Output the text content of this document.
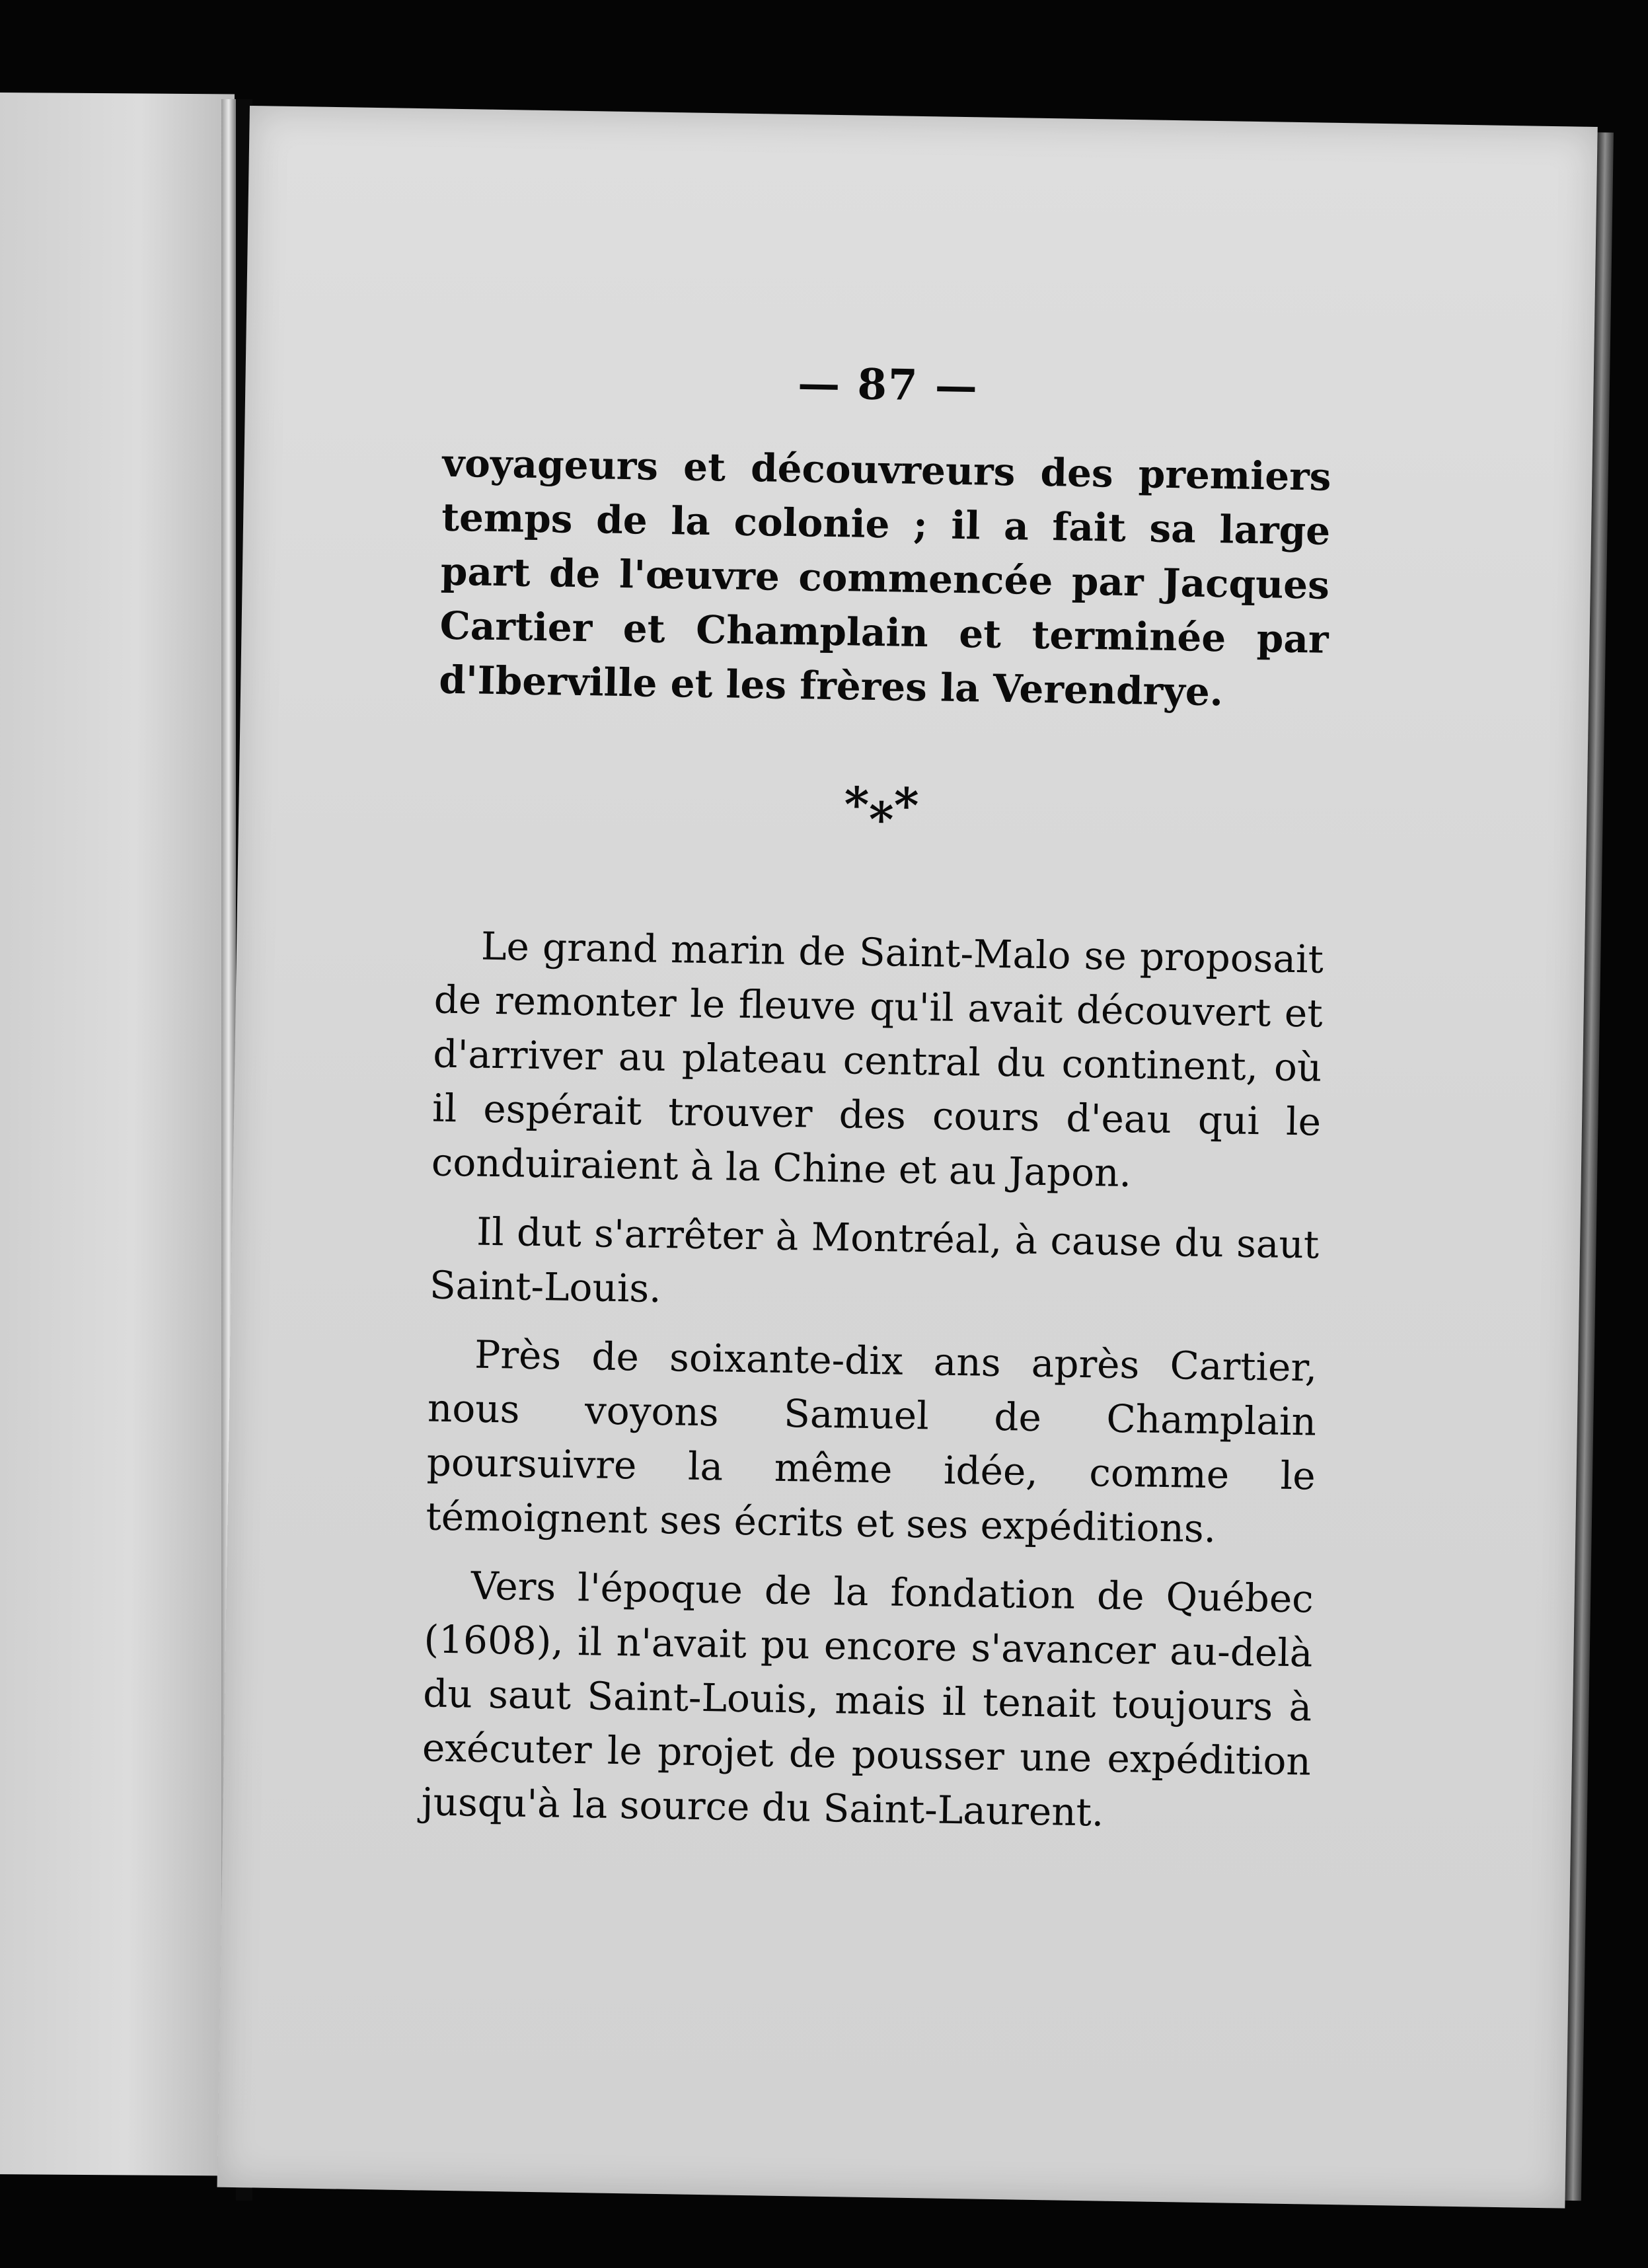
— 87 —

voyageurs et découvreurs des premiers temps de la colonie ; il a fait sa large part de l'œuvre commencée par Jacques Cartier et Champlain et terminée par d'Iberville et les frères la Verendrye.

***

Le grand marin de Saint-Malo se proposait de remonter le fleuve qu'il avait découvert et d'arriver au plateau central du continent, où il espérait trouver des cours d'eau qui le conduiraient à la Chine et au Japon.

Il dut s'arrêter à Montréal, à cause du saut Saint-Louis.

Près de soixante-dix ans après Cartier, nous voyons Samuel de Champlain poursuivre la même idée, comme le témoignent ses écrits et ses expéditions.

Vers l'époque de la fondation de Québec (1608), il n'avait pu encore s'avancer au-delà du saut Saint-Louis, mais il tenait toujours à exécuter le projet de pousser une expédition jusqu'à la source du Saint-Laurent.
